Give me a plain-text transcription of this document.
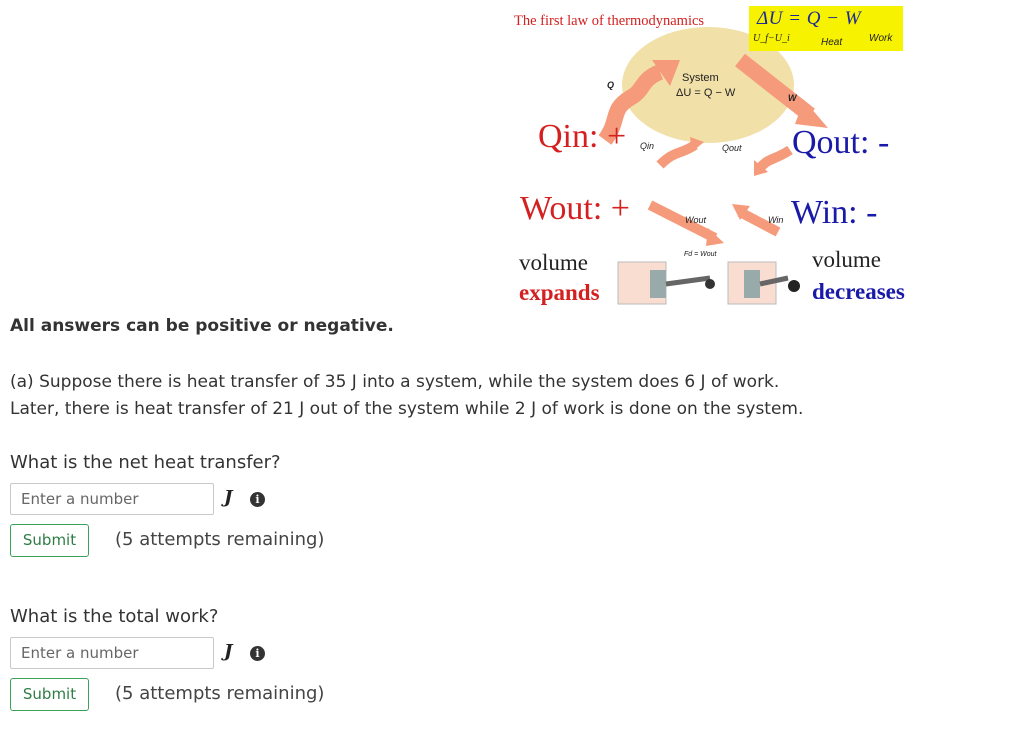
The first law of thermodynamics	ΔU = Q − W
U_f−U_i	Heat	Work
System
ΔU = Q − W
Q
W
Qin: + Qin	Qout Qout: -
Wout: +	Wout	Win Win: -
Fd = Wout
volume
expands
volume
decreases
All answers can be positive or negative.
(a) Suppose there is heat transfer of 35 J into a system, while the system does 6 J of work.
Later, there is heat transfer of 21 J out of the system while 2 J of work is done on the system.
What is the net heat transfer?
Enter a number
J	i
Submit	(5 attempts remaining)
What is the total work?
Enter a number
J	i
Submit	(5 attempts remaining)
